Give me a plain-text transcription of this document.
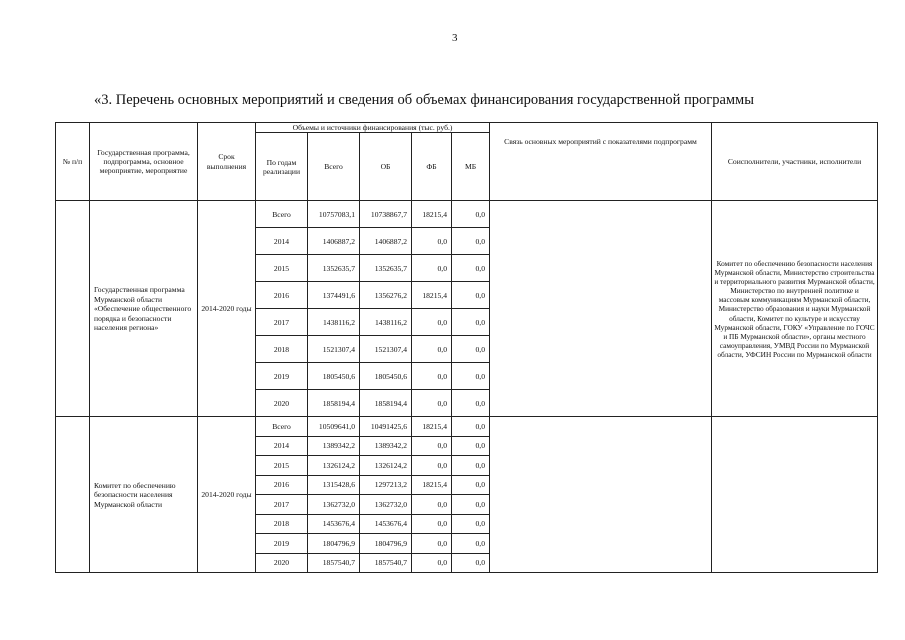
3
«3. Перечень основных мероприятий и сведения об объемах финансирования государственной программы
№ п/п	Государственная программа, подпрограмма, основное мероприятие, мероприятие	Срок выполнения	Объемы и источники финансирования (тыс. руб.)					Связь основных мероприятий с показателями подпрограмм	Соисполнители, участники, исполнители
			По годам реализации	Всего	ОБ	ФБ	МБ		
	Государственная программа Мурманской области «Обеспечение общественного порядка и безопасности населения региона»	2014-2020 годы	Всего	10757083,1	10738867,7	18215,4	0,0		Комитет по обеспечению безопасности населения Мурманской области, Министерство строительства и территориального развития Мурманской области, Министерство по внутренней политике и массовым коммуникациям Мурманской области, Министерство образования и науки Мурманской области, Комитет по культуре и искусству Мурманской области, ГОКУ «Управление по ГОЧС и ПБ Мурманской области», органы местного самоуправления, УМВД России по Мурманской области, УФСИН России по Мурманской области
			2014	1406887,2	1406887,2	0,0	0,0		
			2015	1352635,7	1352635,7	0,0	0,0		
			2016	1374491,6	1356276,2	18215,4	0,0		
			2017	1438116,2	1438116,2	0,0	0,0		
			2018	1521307,4	1521307,4	0,0	0,0		
			2019	1805450,6	1805450,6	0,0	0,0		
			2020	1858194,4	1858194,4	0,0	0,0		
	Комитет по обеспечению безопасности населения Мурманской области	2014-2020 годы	Всего	10509641,0	10491425,6	18215,4	0,0		
			2014	1389342,2	1389342,2	0,0	0,0		
			2015	1326124,2	1326124,2	0,0	0,0		
			2016	1315428,6	1297213,2	18215,4	0,0		
			2017	1362732,0	1362732,0	0,0	0,0		
			2018	1453676,4	1453676,4	0,0	0,0		
			2019	1804796,9	1804796,9	0,0	0,0		
			2020	1857540,7	1857540,7	0,0	0,0		
